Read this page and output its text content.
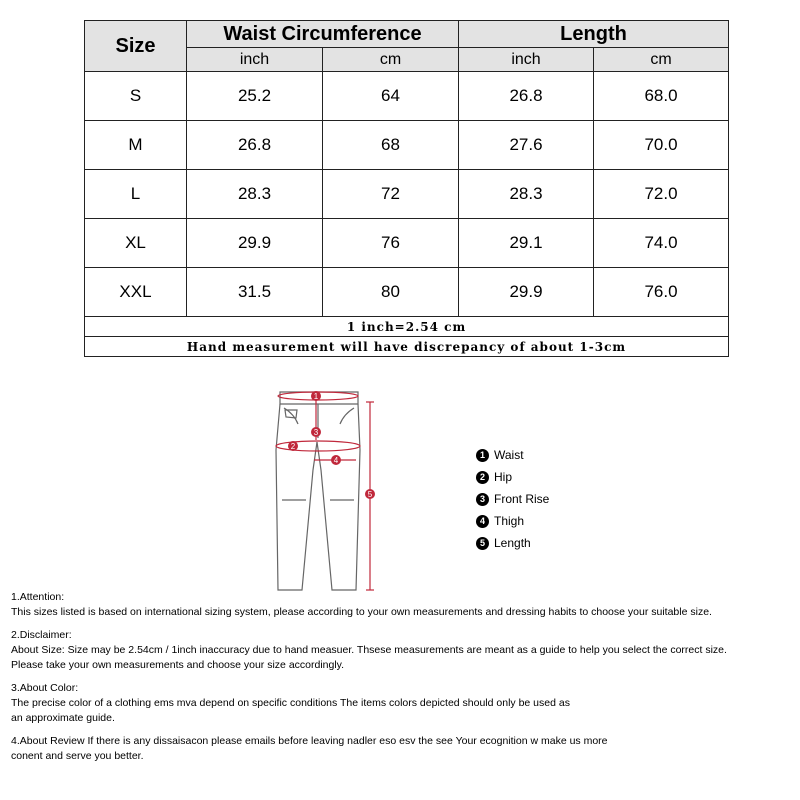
Size	Waist Circumference		Length	
	inch	cm	inch	cm
S	25.2	64	26.8	68.0
M	26.8	68	27.6	70.0
L	28.3	72	28.3	72.0
XL	29.9	76	29.1	74.0
XXL	31.5	80	29.9	76.0
1 inch=2.54 cm				
Hand measurement will have discrepancy of about 1-3cm				
1
2
3
4
5
1 Waist
2 Hip
3 Front Rise
4 Thigh
5 Length
1.Attention:
This sizes listed is based on international sizing system, please according to your own measurements and dressing habits to choose your suitable size.
2.Disclaimer:
About Size: Size may be 2.54cm / 1inch inaccuracy due to hand measuer. Thsese measurements are meant as a guide to help you select the correct size.
Please take your own measurements and choose your size accordingly.
3.About Color:
The precise color of a clothing ems mva depend on specific conditions The items colors depicted should only be used as
an approximate guide.
4.About Review If there is any dissaisacon please emails before leaving nadler eso esv the see Your ecognition w make us more
conent and serve you better.
